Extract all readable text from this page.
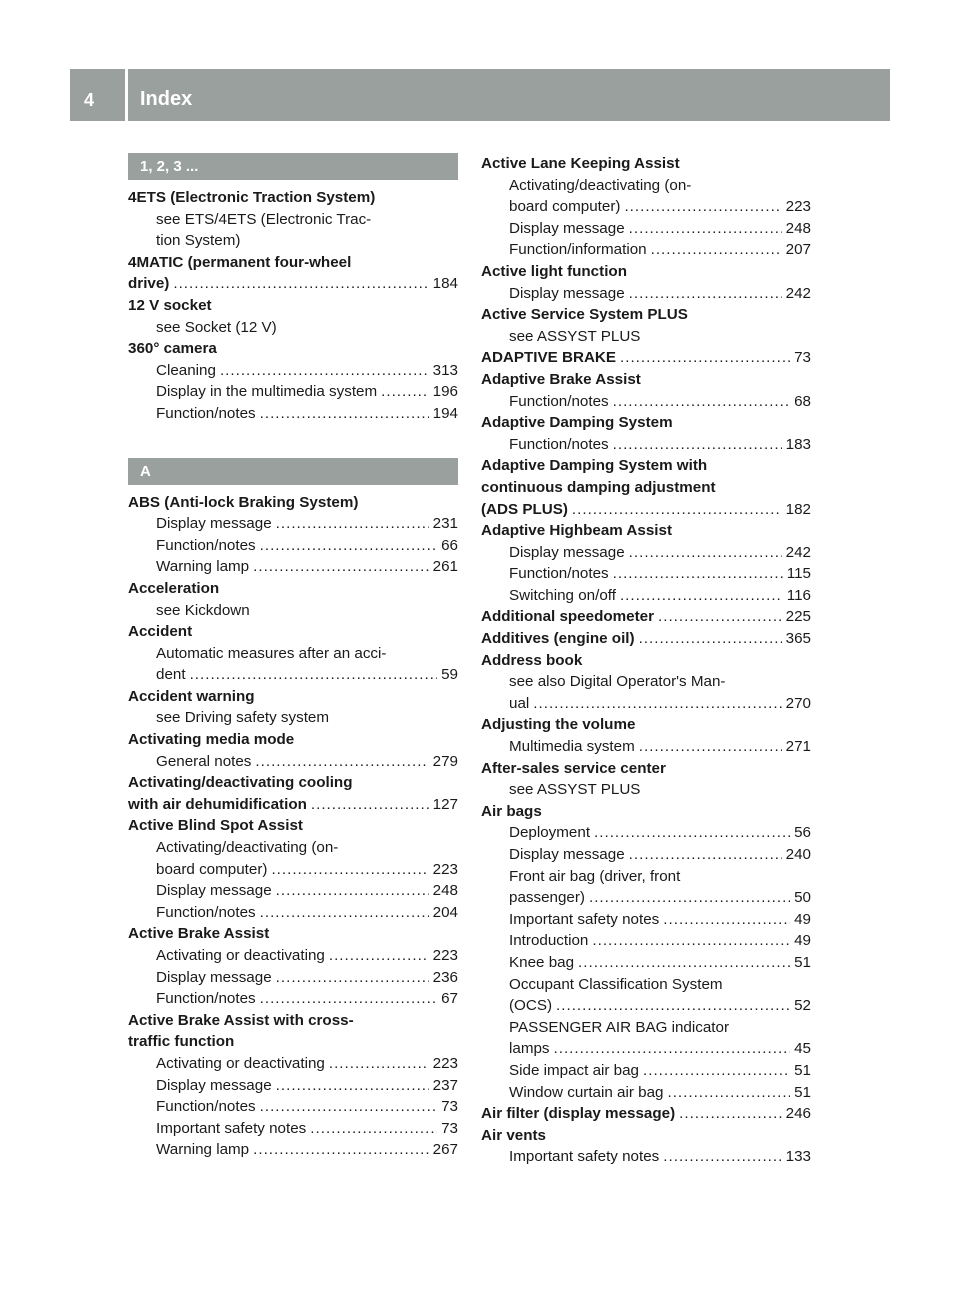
4 Index
1, 2, 3 ...
4ETS (Electronic Traction System)
see ETS/4ETS (Electronic Trac-
tion System)
4MATIC (permanent four-wheel
drive) .....	184
12 V socket
see Socket (12 V)
360° camera
Cleaning .....	313
Display in the multimedia system .....	196
Function/notes .....	194
A
ABS (Anti-lock Braking System)
Display message .....	231
Function/notes .....	66
Warning lamp .....	261
Acceleration
see Kickdown
Accident
Automatic measures after an acci-
dent .....	59
Accident warning
see Driving safety system
Activating media mode
General notes .....	279
Activating/deactivating cooling
with air dehumidification .....	127
Active Blind Spot Assist
Activating/deactivating (on-
board computer) .....	223
Display message .....	248
Function/notes .....	204
Active Brake Assist
Activating or deactivating .....	223
Display message .....	236
Function/notes .....	67
Active Brake Assist with cross-
traffic function
Activating or deactivating .....	223
Display message .....	237
Function/notes .....	73
Important safety notes .....	73
Warning lamp .....	267
Active Lane Keeping Assist
Activating/deactivating (on-
board computer) .....	223
Display message .....	248
Function/information .....	207
Active light function
Display message .....	242
Active Service System PLUS
see ASSYST PLUS
ADAPTIVE BRAKE .....	73
Adaptive Brake Assist
Function/notes .....	68
Adaptive Damping System
Function/notes .....	183
Adaptive Damping System with
continuous damping adjustment
(ADS PLUS) .....	182
Adaptive Highbeam Assist
Display message .....	242
Function/notes .....	115
Switching on/off .....	116
Additional speedometer .....	225
Additives (engine oil) .....	365
Address book
see also Digital Operator's Man-
ual .....	270
Adjusting the volume
Multimedia system .....	271
After-sales service center
see ASSYST PLUS
Air bags
Deployment .....	56
Display message .....	240
Front air bag (driver, front
passenger) .....	50
Important safety notes .....	49
Introduction .....	49
Knee bag .....	51
Occupant Classification System
(OCS) .....	52
PASSENGER AIR BAG indicator
lamps .....	45
Side impact air bag .....	51
Window curtain air bag .....	51
Air filter (display message) .....	246
Air vents
Important safety notes .....	133
